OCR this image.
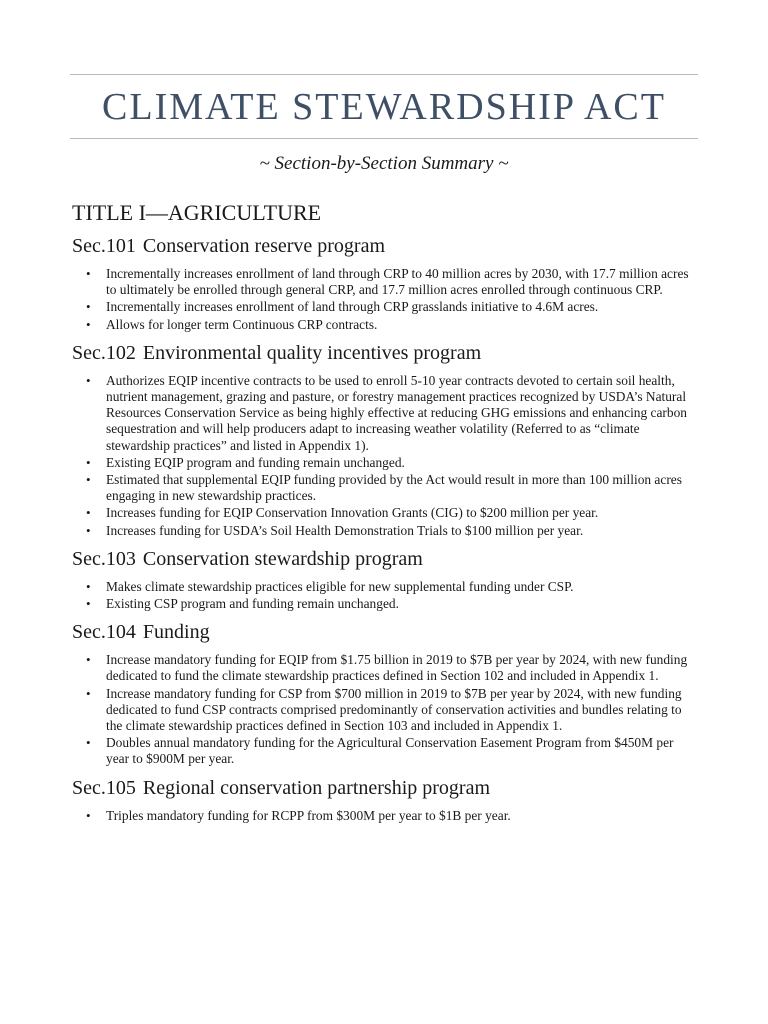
CLIMATE STEWARDSHIP ACT
~ Section-by-Section Summary ~
TITLE I—AGRICULTURE
Sec.101 Conservation reserve program
• Incrementally increases enrollment of land through CRP to 40 million acres by 2030, with 17.7 million acres to ultimately be enrolled through general CRP, and 17.7 million acres enrolled through continuous CRP.
• Incrementally increases enrollment of land through CRP grasslands initiative to 4.6M acres.
• Allows for longer term Continuous CRP contracts.
Sec.102 Environmental quality incentives program
• Authorizes EQIP incentive contracts to be used to enroll 5-10 year contracts devoted to certain soil health, nutrient management, grazing and pasture, or forestry management practices recognized by USDA’s Natural Resources Conservation Service as being highly effective at reducing GHG emissions and enhancing carbon sequestration and will help producers adapt to increasing weather volatility (Referred to as “climate stewardship practices” and listed in Appendix 1).
• Existing EQIP program and funding remain unchanged.
• Estimated that supplemental EQIP funding provided by the Act would result in more than 100 million acres engaging in new stewardship practices.
• Increases funding for EQIP Conservation Innovation Grants (CIG) to $200 million per year.
• Increases funding for USDA’s Soil Health Demonstration Trials to $100 million per year.
Sec.103 Conservation stewardship program
• Makes climate stewardship practices eligible for new supplemental funding under CSP.
• Existing CSP program and funding remain unchanged.
Sec.104 Funding
• Increase mandatory funding for EQIP from $1.75 billion in 2019 to $7B per year by 2024, with new funding dedicated to fund the climate stewardship practices defined in Section 102 and included in Appendix 1.
• Increase mandatory funding for CSP from $700 million in 2019 to $7B per year by 2024, with new funding dedicated to fund CSP contracts comprised predominantly of conservation activities and bundles relating to the climate stewardship practices defined in Section 103 and included in Appendix 1.
• Doubles annual mandatory funding for the Agricultural Conservation Easement Program from $450M per year to $900M per year.
Sec.105 Regional conservation partnership program
• Triples mandatory funding for RCPP from $300M per year to $1B per year.
